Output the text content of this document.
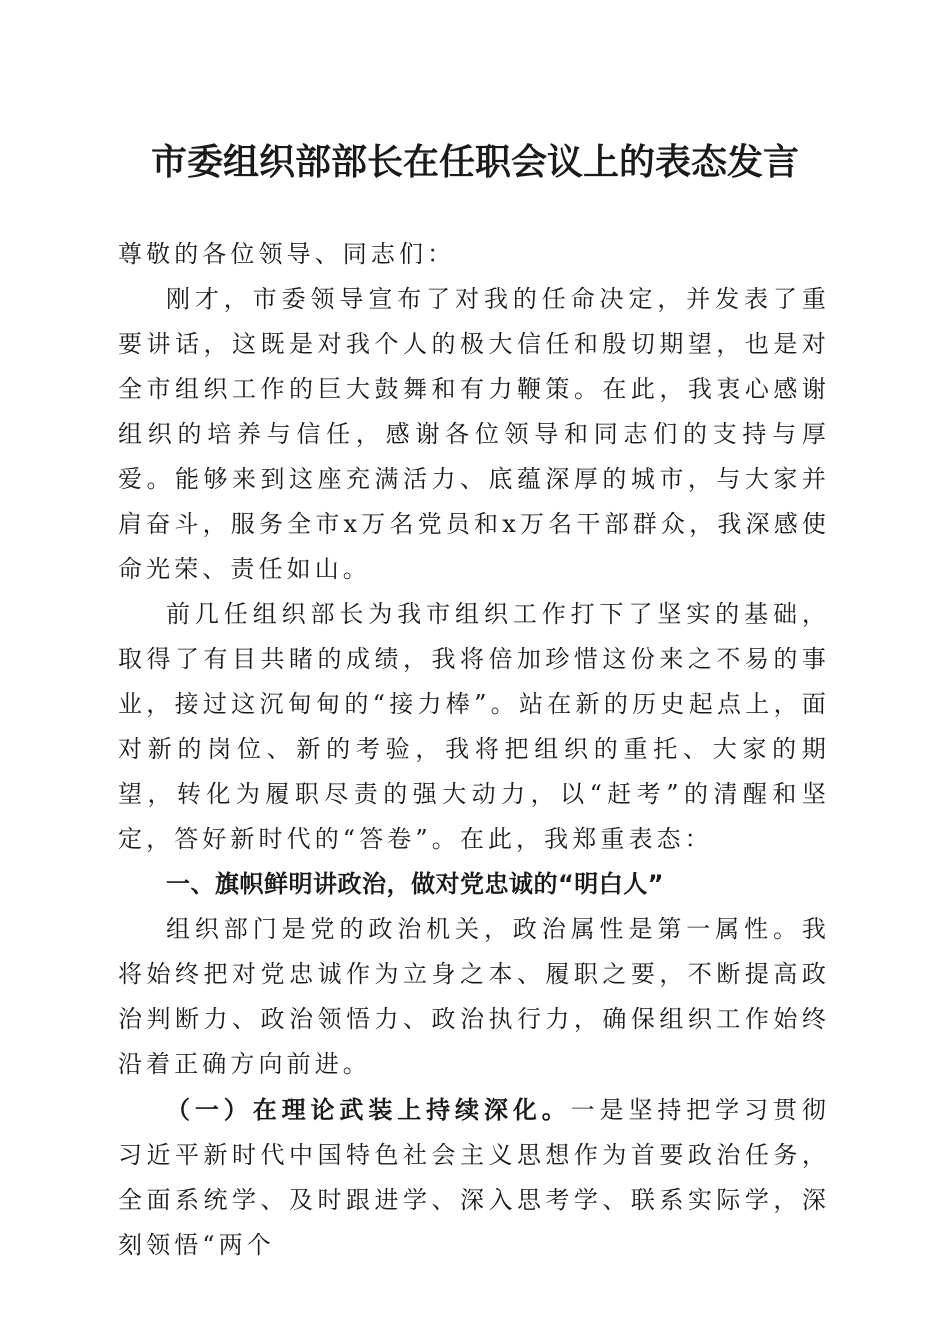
市委组织部部长在任职会议上的表态发言

尊敬的各位领导、同志们：

刚才，市委领导宣布了对我的任命决定，并发表了重要讲话，这既是对我个人的极大信任和殷切期望，也是对全市组织工作的巨大鼓舞和有力鞭策。在此，我衷心感谢组织的培养与信任，感谢各位领导和同志们的支持与厚爱。能够来到这座充满活力、底蕴深厚的城市，与大家并肩奋斗，服务全市x万名党员和x万名干部群众，我深感使命光荣、责任如山。

前几任组织部长为我市组织工作打下了坚实的基础，取得了有目共睹的成绩，我将倍加珍惜这份来之不易的事业，接过这沉甸甸的“接力棒”。站在新的历史起点上，面对新的岗位、新的考验，我将把组织的重托、大家的期望，转化为履职尽责的强大动力，以“赶考”的清醒和坚定，答好新时代的“答卷”。在此，我郑重表态：

一、旗帜鲜明讲政治，做对党忠诚的“明白人”

组织部门是党的政治机关，政治属性是第一属性。我将始终把对党忠诚作为立身之本、履职之要，不断提高政治判断力、政治领悟力、政治执行力，确保组织工作始终沿着正确方向前进。

（一）在理论武装上持续深化。一是坚持把学习贯彻习近平新时代中国特色社会主义思想作为首要政治任务，全面系统学、及时跟进学、深入思考学、联系实际学，深刻领悟“两个
